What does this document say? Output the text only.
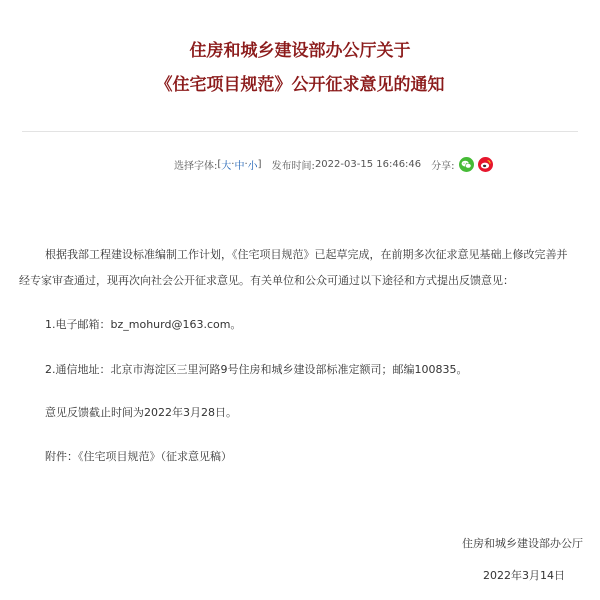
住房和城乡建设部办公厅关于
《住宅项目规范》公开征求意见的通知
选择字体: [ 大 · 中 · 小 ] 发布时间: 2022-03-15 16:46:46 分享:
根据我部工程建设标准编制工作计划，《住宅项目规范》已起草完成，在前期多次征求意见基础上修改完善并经专家审查通过，现再次向社会公开征求意见。有关单位和公众可通过以下途径和方式提出反馈意见：
1.电子邮箱：bz_mohurd@163.com。
2.通信地址：北京市海淀区三里河路9号住房和城乡建设部标准定额司；邮编100835。
意见反馈截止时间为2022年3月28日。
附件：《住宅项目规范》（征求意见稿）
住房和城乡建设部办公厅
2022年3月14日
